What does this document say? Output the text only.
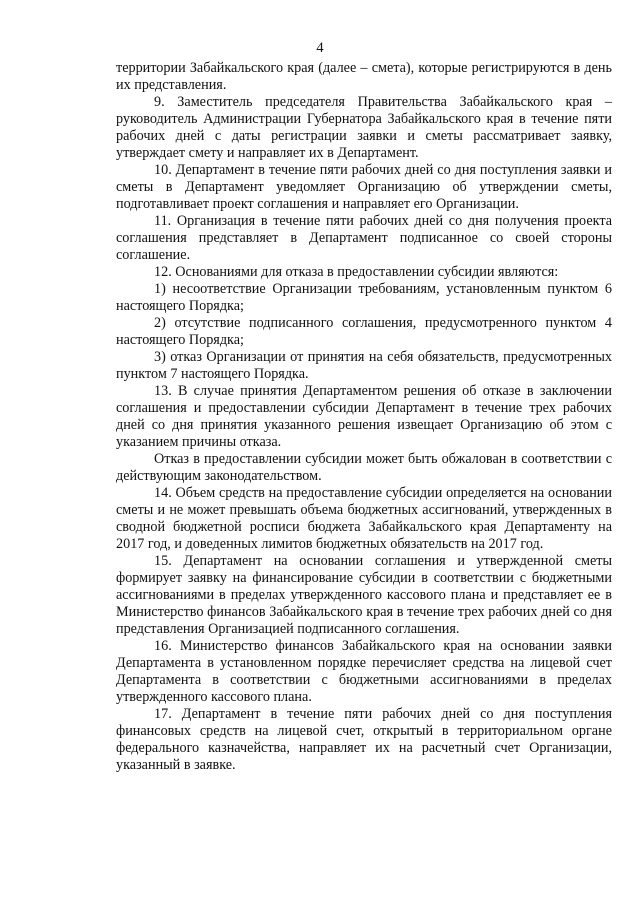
4

территории Забайкальского края (далее – смета), которые регистрируются в день их представления.

9. Заместитель председателя Правительства Забайкальского края – руководитель Администрации Губернатора Забайкальского края в течение пяти рабочих дней с даты регистрации заявки и сметы рассматривает заявку, утверждает смету и направляет их в Департамент.

10. Департамент в течение пяти рабочих дней со дня поступления заявки и сметы в Департамент уведомляет Организацию об утверждении сметы, подготавливает проект соглашения и направляет его Организации.

11. Организация в течение пяти рабочих дней со дня получения проекта соглашения представляет в Департамент подписанное со своей стороны соглашение.

12. Основаниями для отказа в предоставлении субсидии являются:

1) несоответствие Организации требованиям, установленным пунктом 6 настоящего Порядка;

2) отсутствие подписанного соглашения, предусмотренного пунктом 4 настоящего Порядка;

3) отказ Организации от принятия на себя обязательств, предусмотренных пунктом 7 настоящего Порядка.

13. В случае принятия Департаментом решения об отказе в заключении соглашения и предоставлении субсидии Департамент в течение трех рабочих дней со дня принятия указанного решения извещает Организацию об этом с указанием причины отказа.

Отказ в предоставлении субсидии может быть обжалован в соответствии с действующим законодательством.

14. Объем средств на предоставление субсидии определяется на основании сметы и не может превышать объема бюджетных ассигнований, утвержденных в сводной бюджетной росписи бюджета Забайкальского края Департаменту на 2017 год, и доведенных лимитов бюджетных обязательств на 2017 год.

15. Департамент на основании соглашения и утвержденной сметы формирует заявку на финансирование субсидии в соответствии с бюджетными ассигнованиями в пределах утвержденного кассового плана и представляет ее в Министерство финансов Забайкальского края в течение трех рабочих дней со дня представления Организацией подписанного соглашения.

16. Министерство финансов Забайкальского края на основании заявки Департамента в установленном порядке перечисляет средства на лицевой счет Департамента в соответствии с бюджетными ассигнованиями в пределах утвержденного кассового плана.

17. Департамент в течение пяти рабочих дней со дня поступления финансовых средств на лицевой счет, открытый в территориальном органе федерального казначейства, направляет их на расчетный счет Организации, указанный в заявке.
